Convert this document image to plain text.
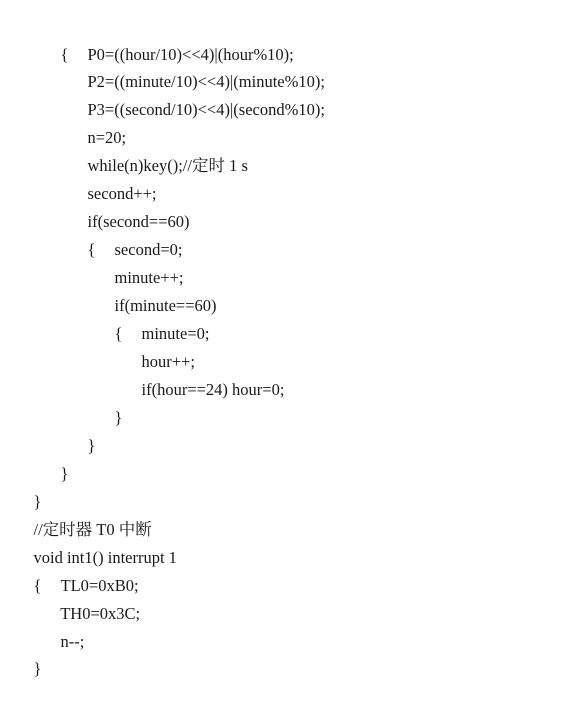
{ P0=((hour/10)<<4)|(hour%10);

P2=((minute/10)<<4)|(minute%10);

P3=((second/10)<<4)|(second%10);

n=20;

while(n)key();//定时 1 s

second++;

if(second==60)

{ second=0;

minute++;

if(minute==60)

{ minute=0;

hour++;

if(hour==24) hour=0;

}

}

}

}

//定时器 T0 中断

void int1() interrupt 1

{ TL0=0xB0;

TH0=0x3C;

n--;

}
